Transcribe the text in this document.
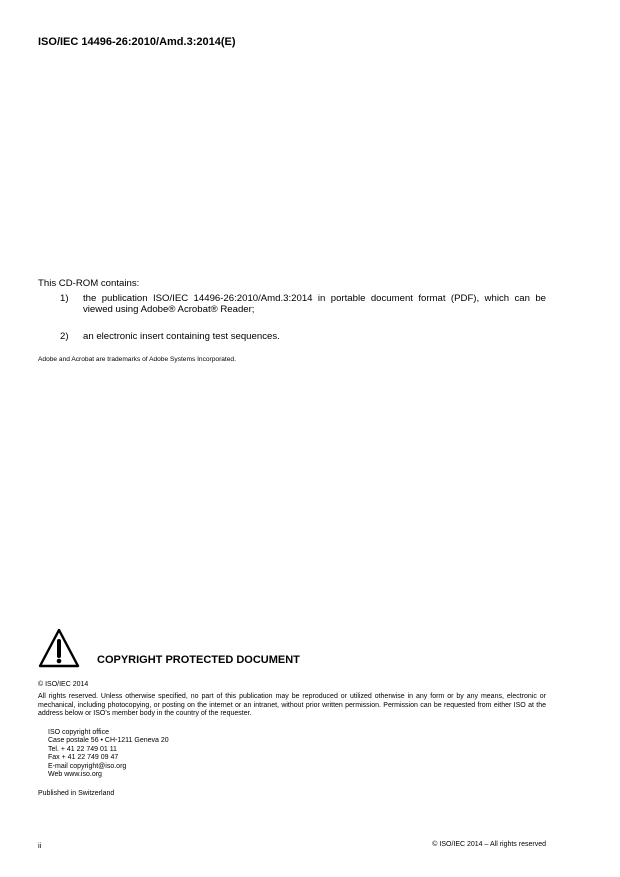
ISO/IEC 14496-26:2010/Amd.3:2014(E)
This CD-ROM contains:
1)	the publication ISO/IEC 14496-26:2010/Amd.3:2014 in portable document format (PDF), which can be viewed using Adobe® Acrobat® Reader;
2)	an electronic insert containing test sequences.
Adobe and Acrobat are trademarks of Adobe Systems Incorporated.
COPYRIGHT PROTECTED DOCUMENT
© ISO/IEC 2014
All rights reserved. Unless otherwise specified, no part of this publication may be reproduced or utilized otherwise in any form or by any means, electronic or mechanical, including photocopying, or posting on the internet or an intranet, without prior written permission. Permission can be requested from either ISO at the address below or ISO’s member body in the country of the requester.
ISO copyright office
Case postale 56 • CH-1211 Geneva 20
Tel. + 41 22 749 01 11
Fax + 41 22 749 09 47
E-mail copyright@iso.org
Web www.iso.org
Published in Switzerland
ii	© ISO/IEC 2014 – All rights reserved
